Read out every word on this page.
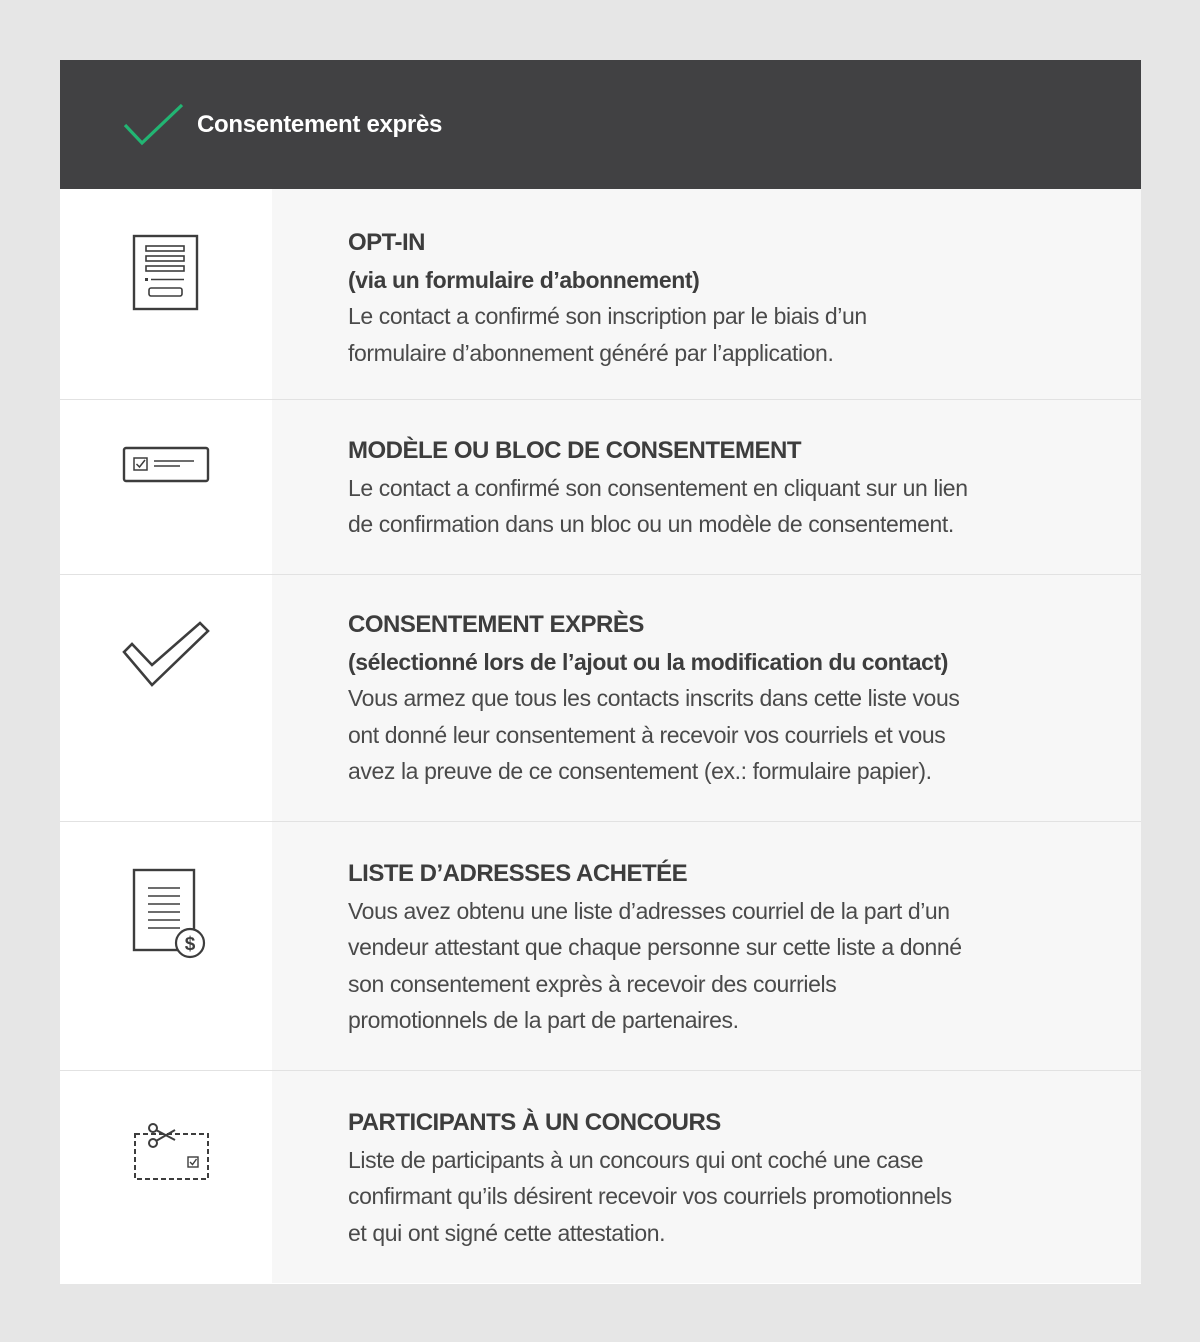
Consentement exprès

OPT-IN

(via un formulaire d’abonnement)

Le contact a confirmé son inscription par le biais d’un

formulaire d’abonnement généré par l’application.

MODÈLE OU BLOC DE CONSENTEMENT

Le contact a confirmé son consentement en cliquant sur un lien

de confirmation dans un bloc ou un modèle de consentement.

CONSENTEMENT EXPRÈS

(sélectionné lors de l’ajout ou la modification du contact)

Vous armez que tous les contacts inscrits dans cette liste vous

ont donné leur consentement à recevoir vos courriels et vous

avez la preuve de ce consentement (ex.: formulaire papier).

$

LISTE D’ADRESSES ACHETÉE

Vous avez obtenu une liste d’adresses courriel de la part d’un

vendeur attestant que chaque personne sur cette liste a donné

son consentement exprès à recevoir des courriels

promotionnels de la part de partenaires.

PARTICIPANTS À UN CONCOURS

Liste de participants à un concours qui ont coché une case

confirmant qu’ils désirent recevoir vos courriels promotionnels

et qui ont signé cette attestation.
